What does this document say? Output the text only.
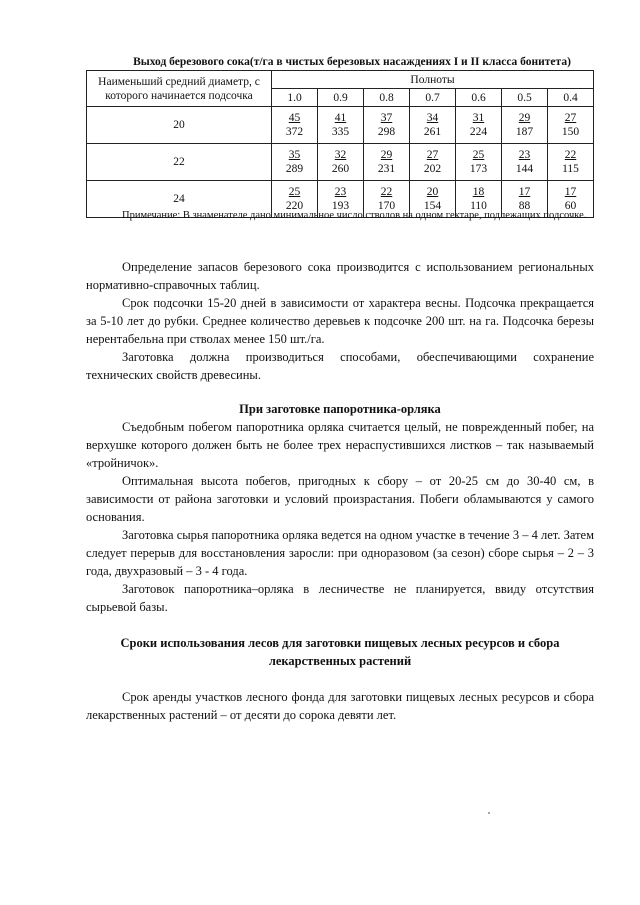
Выход березового сока(т/га в чистых березовых насаждениях I и II класса бонитета)
Наименьший средний диаметр, с которого начинается подсочка	Полноты						
	1.0	0.9	0.8	0.7	0.6	0.5	0.4
20	$\frac{45}{372}$	$\frac{41}{335}$	$\frac{37}{298}$	$\frac{34}{261}$	$\frac{31}{224}$	$\frac{29}{187}$	$\frac{27}{150}$

22	$\frac{35}{289}$	$\frac{32}{260}$	$\frac{29}{231}$	$\frac{27}{202}$	$\frac{25}{173}$	$\frac{23}{144}$	$\frac{22}{115}$

24	$\frac{25}{220}$	$\frac{23}{193}$	$\frac{22}{170}$	$\frac{20}{154}$	$\frac{18}{110}$	$\frac{17}{88}$	$\frac{17}{60}$
Примечание: В знаменателе дано минимальное число стволов на одном гектаре, подлежащих подсочке.

Определение запасов березового сока производится с использованием региональных нормативно-справочных таблиц.

Срок подсочки 15-20 дней в зависимости от характера весны. Подсочка прекращается за 5-10 лет до рубки. Среднее количество деревьев к подсочке 200 шт. на га. Подсочка березы нерентабельна при стволах менее 150 шт./га.

Заготовка должна производиться способами, обеспечивающими сохранение технических свойств древесины.

При заготовке папоротника-орляка

Съедобным побегом папоротника орляка считается целый, не поврежденный побег, на верхушке которого должен быть не более трех нераспустившихся листков – так называемый «тройничок».

Оптимальная высота побегов, пригодных к сбору – от 20-25 см до 30-40 см, в зависимости от района заготовки и условий произрастания. Побеги обламываются у самого основания.

Заготовка сырья папоротника орляка ведется на одном участке в течение 3 – 4 лет. Затем следует перерыв для восстановления заросли: при одноразовом (за сезон) сборе сырья – 2 – 3 года, двухразовый – 3 - 4 года.

Заготовок папоротника–орляка в лесничестве не планируется, ввиду отсутствия сырьевой базы.

Сроки использования лесов для заготовки пищевых лесных ресурсов и сбора лекарственных растений

Срок аренды участков лесного фонда для заготовки пищевых лесных ресурсов и сбора лекарственных растений – от десяти до сорока девяти лет.
